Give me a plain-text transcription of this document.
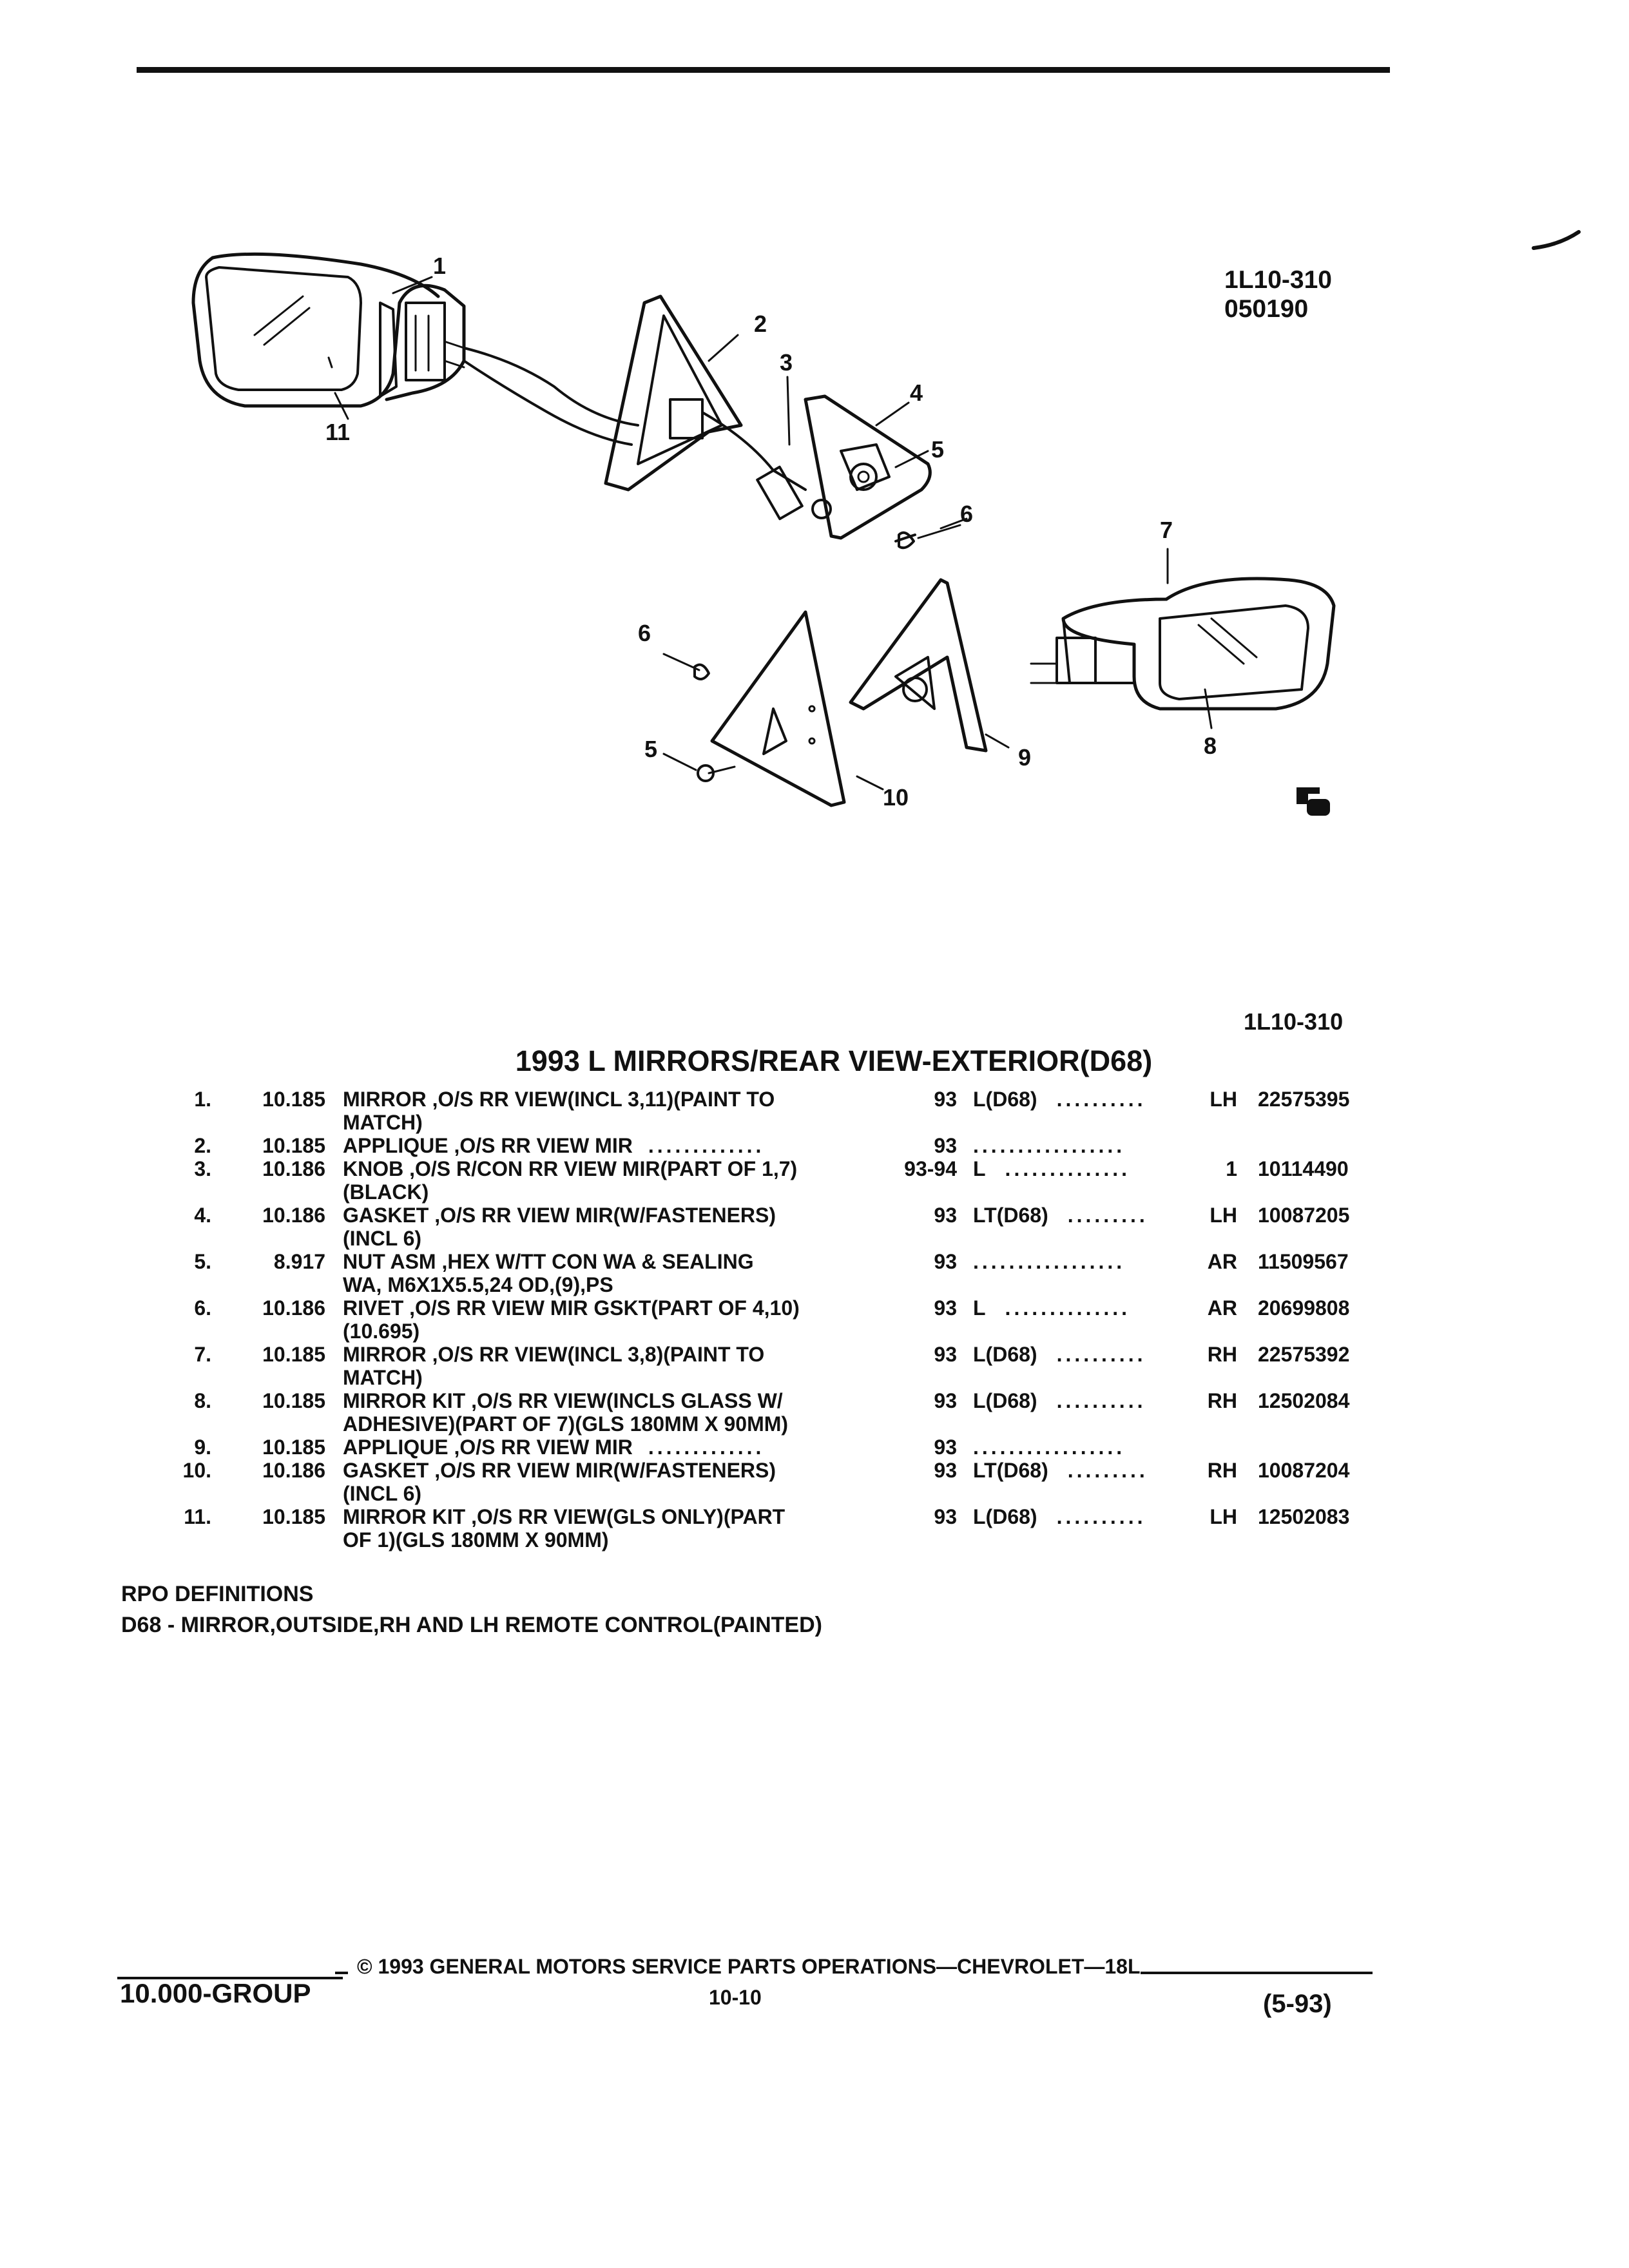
1
2
3
4
5
6
7
6
5
10
9	8
11
1L10-310
050190
1L10-310
1993 L MIRRORS/REAR VIEW-EXTERIOR(D68)
1.	10.185 MIRROR ,O/S RR VIEW(INCL 3,11)(PAINT TO
MATCH)
93 L(D68) ..........	LH 22575395
2.	10.185 APPLIQUE ,O/S RR VIEW MIR .............	93 .................
3.	10.186 KNOB ,O/S R/CON RR VIEW MIR(PART OF 1,7)
(BLACK)
93-94 L ..............	1 10114490
4.	10.186 GASKET ,O/S RR VIEW MIR(W/FASTENERS)
(INCL 6)
93 LT(D68) .........	LH 10087205
5.	8.917 NUT ASM ,HEX W/TT CON WA & SEALING
WA, M6X1X5.5,24 OD,(9),PS
93 .................	AR 11509567
6.	10.186 RIVET ,O/S RR VIEW MIR GSKT(PART OF 4,10)
(10.695)
93 L ..............	AR 20699808
7.	10.185 MIRROR ,O/S RR VIEW(INCL 3,8)(PAINT TO
MATCH)
93 L(D68) ..........	RH 22575392
8.	10.185 MIRROR KIT ,O/S RR VIEW(INCLS GLASS W/
ADHESIVE)(PART OF 7)(GLS 180MM X 90MM)
93 L(D68) ..........	RH 12502084
9.	10.185 APPLIQUE ,O/S RR VIEW MIR .............	93 .................
10.	10.186 GASKET ,O/S RR VIEW MIR(W/FASTENERS)
(INCL 6)
93 LT(D68) .........	RH 10087204
11.	10.185 MIRROR KIT ,O/S RR VIEW(GLS ONLY)(PART
OF 1)(GLS 180MM X 90MM)
93 L(D68) ..........	LH 12502083
RPO DEFINITIONS
D68 - MIRROR,OUTSIDE,RH AND LH REMOTE CONTROL(PAINTED)
© 1993 GENERAL MOTORS SERVICE PARTS OPERATIONS—CHEVROLET—18L
10.000-GROUP	10-10	(5-93)
